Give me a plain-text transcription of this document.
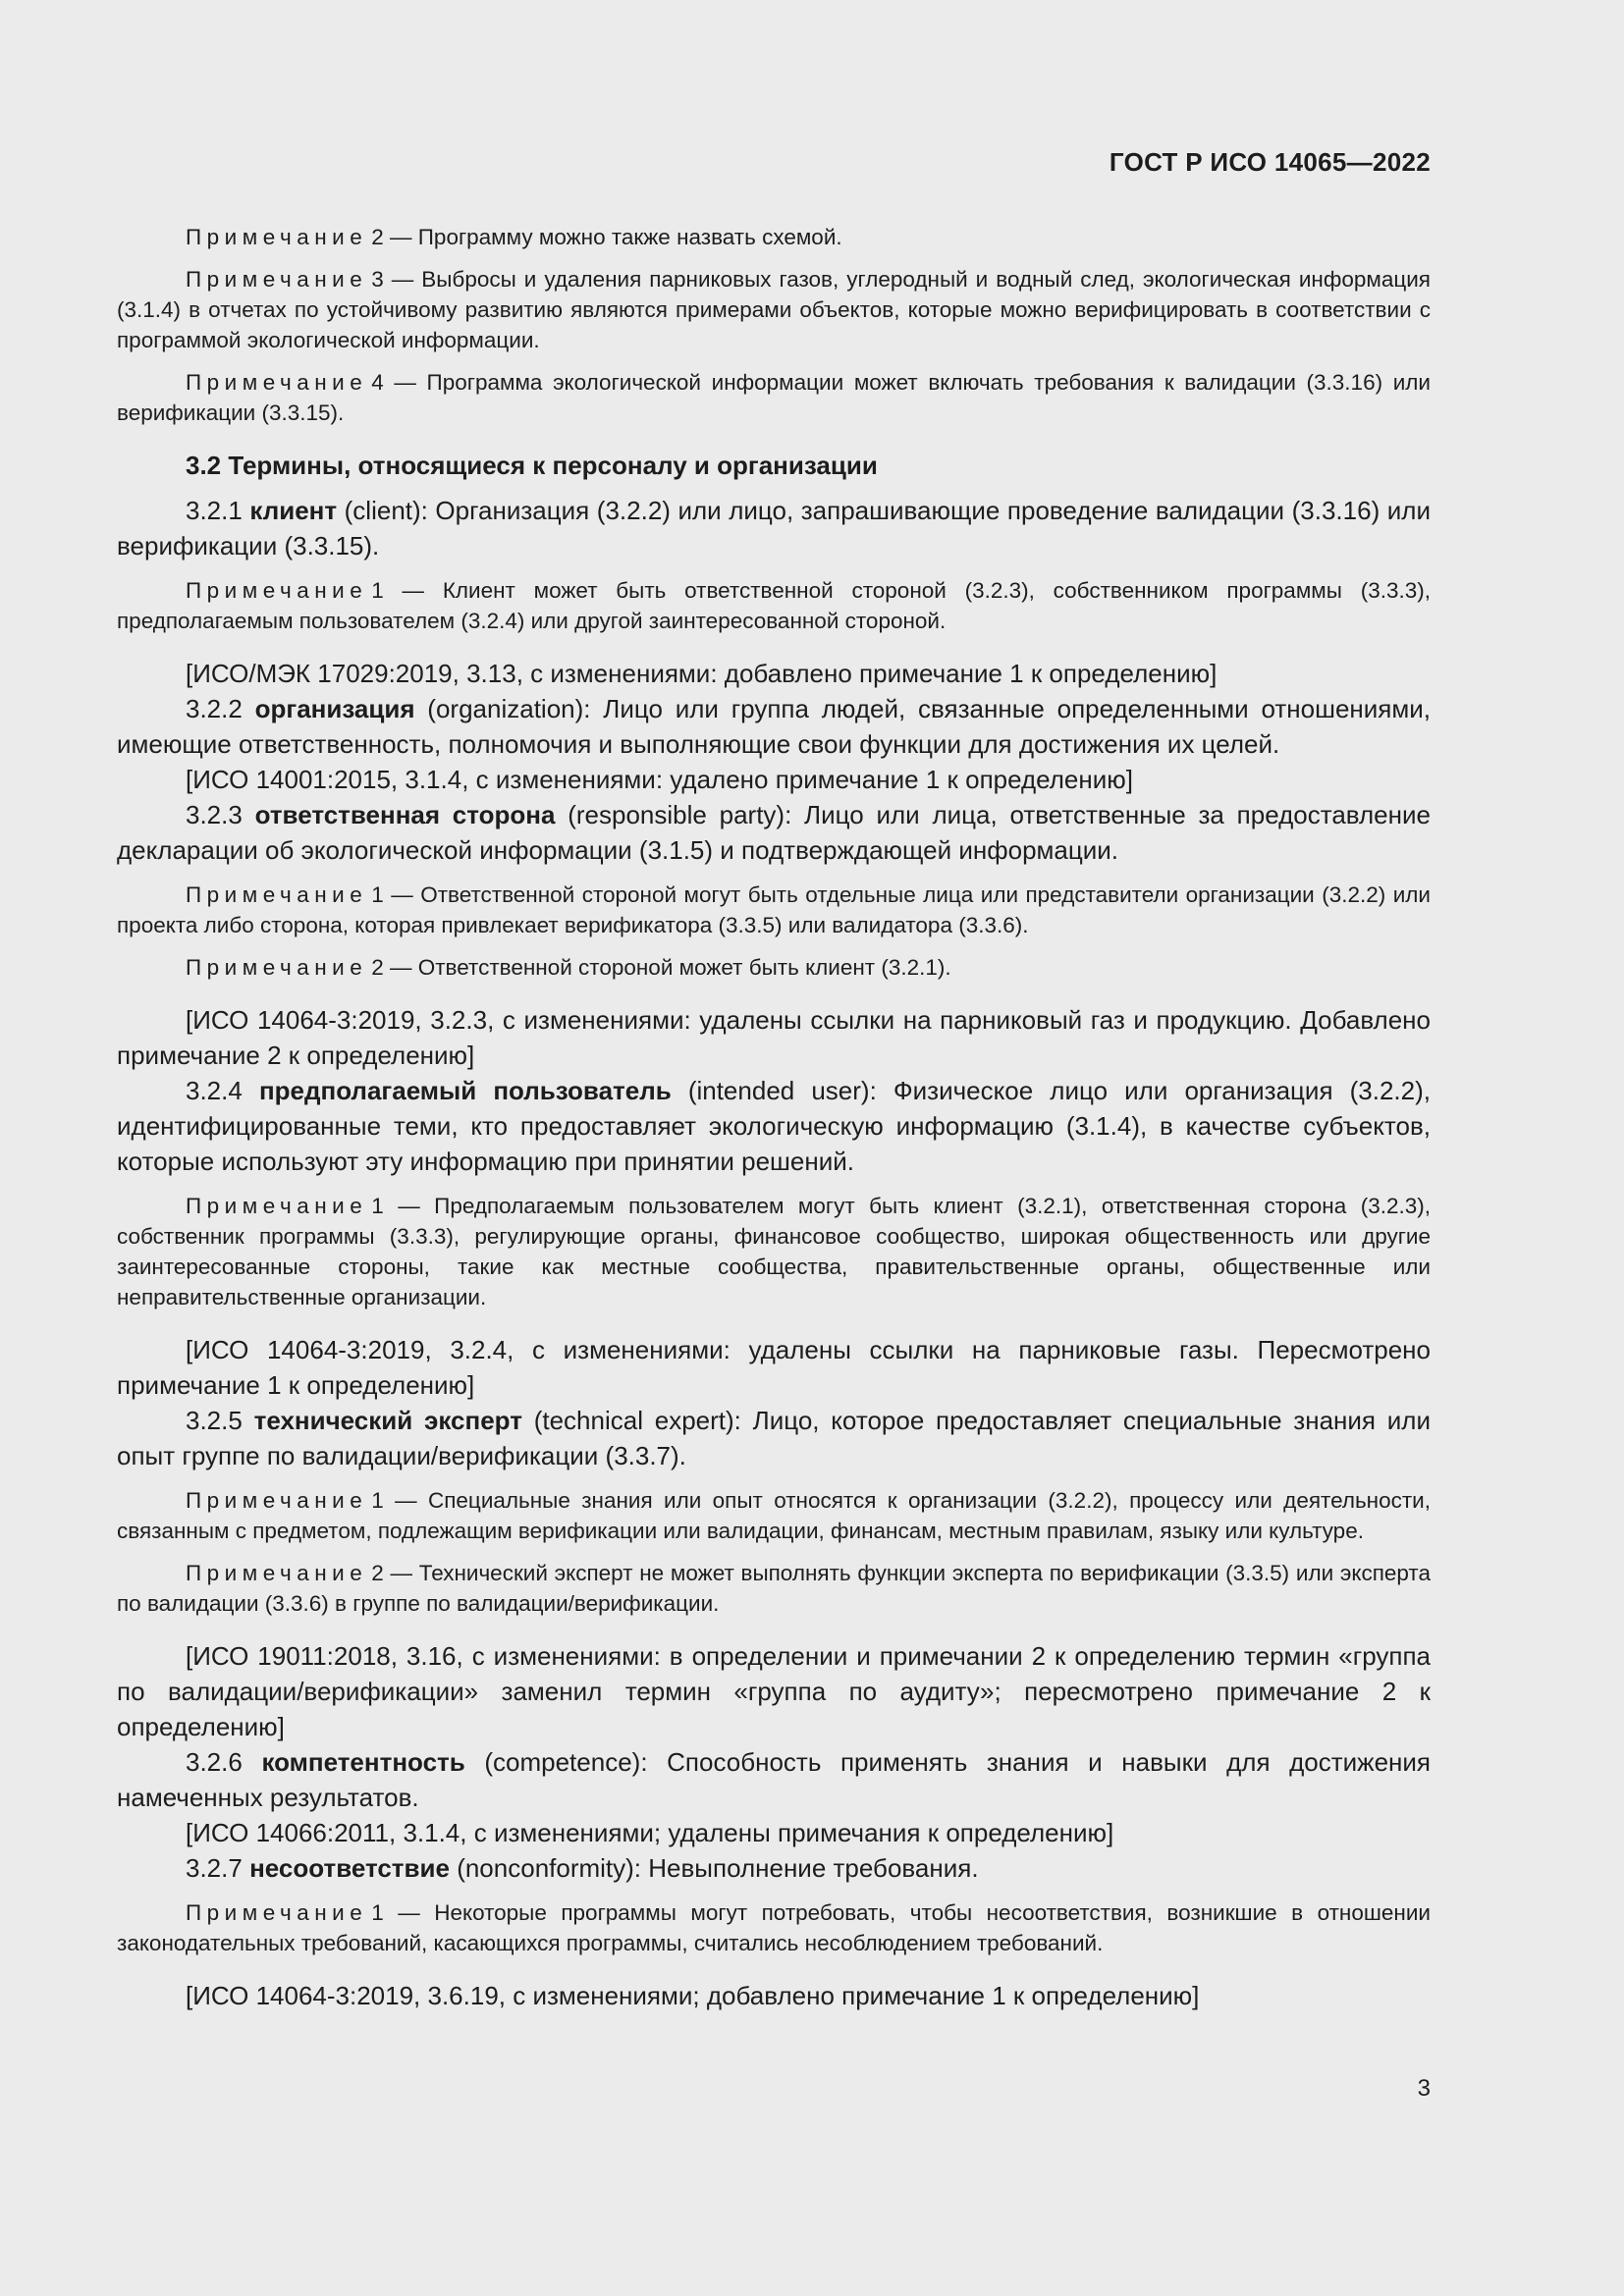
ГОСТ Р ИСО 14065—2022

Примечание 2 — Программу можно также назвать схемой.

Примечание 3 — Выбросы и удаления парниковых газов, углеродный и водный след, экологическая информация (3.1.4) в отчетах по устойчивому развитию являются примерами объектов, которые можно верифицировать в соответствии с программой экологической информации.

Примечание 4 — Программа экологической информации может включать требования к валидации (3.3.16) или верификации (3.3.15).

3.2 Термины, относящиеся к персоналу и организации

3.2.1 клиент (client): Организация (3.2.2) или лицо, запрашивающие проведение валидации (3.3.16) или верификации (3.3.15).

Примечание 1 — Клиент может быть ответственной стороной (3.2.3), собственником программы (3.3.3), предполагаемым пользователем (3.2.4) или другой заинтересованной стороной.

[ИСО/МЭК 17029:2019, 3.13, с изменениями: добавлено примечание 1 к определению]

3.2.2 организация (organization): Лицо или группа людей, связанные определенными отношениями, имеющие ответственность, полномочия и выполняющие свои функции для достижения их целей.

[ИСО 14001:2015, 3.1.4, с изменениями: удалено примечание 1 к определению]

3.2.3 ответственная сторона (responsible party): Лицо или лица, ответственные за предоставление декларации об экологической информации (3.1.5) и подтверждающей информации.

Примечание 1 — Ответственной стороной могут быть отдельные лица или представители организации (3.2.2) или проекта либо сторона, которая привлекает верификатора (3.3.5) или валидатора (3.3.6).

Примечание 2 — Ответственной стороной может быть клиент (3.2.1).

[ИСО 14064-3:2019, 3.2.3, с изменениями: удалены ссылки на парниковый газ и продукцию. Добавлено примечание 2 к определению]

3.2.4 предполагаемый пользователь (intended user): Физическое лицо или организация (3.2.2), идентифицированные теми, кто предоставляет экологическую информацию (3.1.4), в качестве субъектов, которые используют эту информацию при принятии решений.

Примечание 1 — Предполагаемым пользователем могут быть клиент (3.2.1), ответственная сторона (3.2.3), собственник программы (3.3.3), регулирующие органы, финансовое сообщество, широкая общественность или другие заинтересованные стороны, такие как местные сообщества, правительственные органы, общественные или неправительственные организации.

[ИСО 14064-3:2019, 3.2.4, с изменениями: удалены ссылки на парниковые газы. Пересмотрено примечание 1 к определению]

3.2.5 технический эксперт (technical expert): Лицо, которое предоставляет специальные знания или опыт группе по валидации/верификации (3.3.7).

Примечание 1 — Специальные знания или опыт относятся к организации (3.2.2), процессу или деятельности, связанным с предметом, подлежащим верификации или валидации, финансам, местным правилам, языку или культуре.

Примечание 2 — Технический эксперт не может выполнять функции эксперта по верификации (3.3.5) или эксперта по валидации (3.3.6) в группе по валидации/верификации.

[ИСО 19011:2018, 3.16, с изменениями: в определении и примечании 2 к определению термин «группа по валидации/верификации» заменил термин «группа по аудиту»; пересмотрено примечание 2 к определению]

3.2.6 компетентность (competence): Способность применять знания и навыки для достижения намеченных результатов.

[ИСО 14066:2011, 3.1.4, с изменениями; удалены примечания к определению]

3.2.7 несоответствие (nonconformity): Невыполнение требования.

Примечание 1 — Некоторые программы могут потребовать, чтобы несоответствия, возникшие в отношении законодательных требований, касающихся программы, считались несоблюдением требований.

[ИСО 14064-3:2019, 3.6.19, с изменениями; добавлено примечание 1 к определению]

3
